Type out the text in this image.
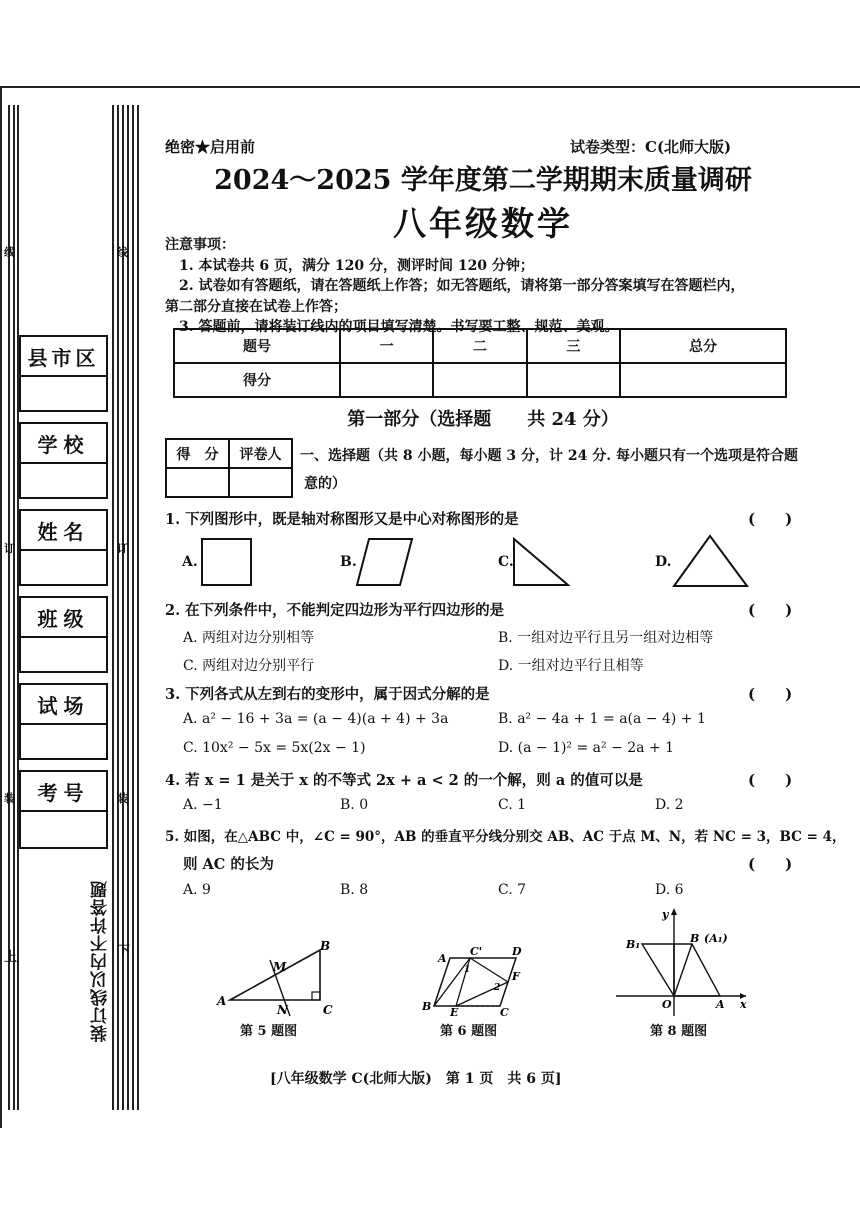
线	线
订	订
装	装
县市区
学校
姓名
班级
试场
考号
装订线以内不许答题
上	下
绝密★启用前	试卷类型：C(北师大版)
2024～2025 学年度第二学期期末质量调研
八年级数学
注意事项：
1. 本试卷共 6 页，满分 120 分，测评时间 120 分钟；
2. 试卷如有答题纸，请在答题纸上作答；如无答题纸，请将第一部分答案填写在答题栏内，
第二部分直接在试卷上作答；
3. 答题前，请将装订线内的项目填写清楚。书写要工整、规范、美观。
题号	一	二	三	总分
得分				
第一部分（选择题　　共 24 分）
得　分	评卷人
	一、选择题（共 8 小题，每小题 3 分，计 24 分. 每小题只有一个选项是符合题
意的）
1. 下列图形中，既是轴对称图形又是中心对称图形的是	(　　)
A.	B.	C.	D.
2. 在下列条件中，不能判定四边形为平行四边形的是	(　　)
A. 两组对边分别相等	B. 一组对边平行且另一组对边相等
C. 两组对边分别平行	D. 一组对边平行且相等
3. 下列各式从左到右的变形中，属于因式分解的是	(　　)
A. a² − 16 + 3a = (a − 4)(a + 4) + 3a	B. a² − 4a + 1 = a(a − 4) + 1
C. 10x² − 5x = 5x(2x − 1)	D. (a − 1)² = a² − 2a + 1
4. 若 x = 1 是关于 x 的不等式 2x + a < 2 的一个解，则 a 的值可以是	(　　)
A. −1	B. 0	C. 1	D. 2
5. 如图，在△ABC 中，∠C = 90°，AB 的垂直平分线分别交 AB、AC 于点 M、N，若 NC = 3，BC = 4，
则 AC 的长为	(　　)
A. 9	B. 8	C. 7	D. 6
A
B
C
M
N
第 5 题图
A
B	C
C'	D
E
F
1
2
第 6 题图
y
x
O	A
B
B₁	(A₁)
第 8 题图
[八年级数学 C(北师大版)　第 1 页　共 6 页]
